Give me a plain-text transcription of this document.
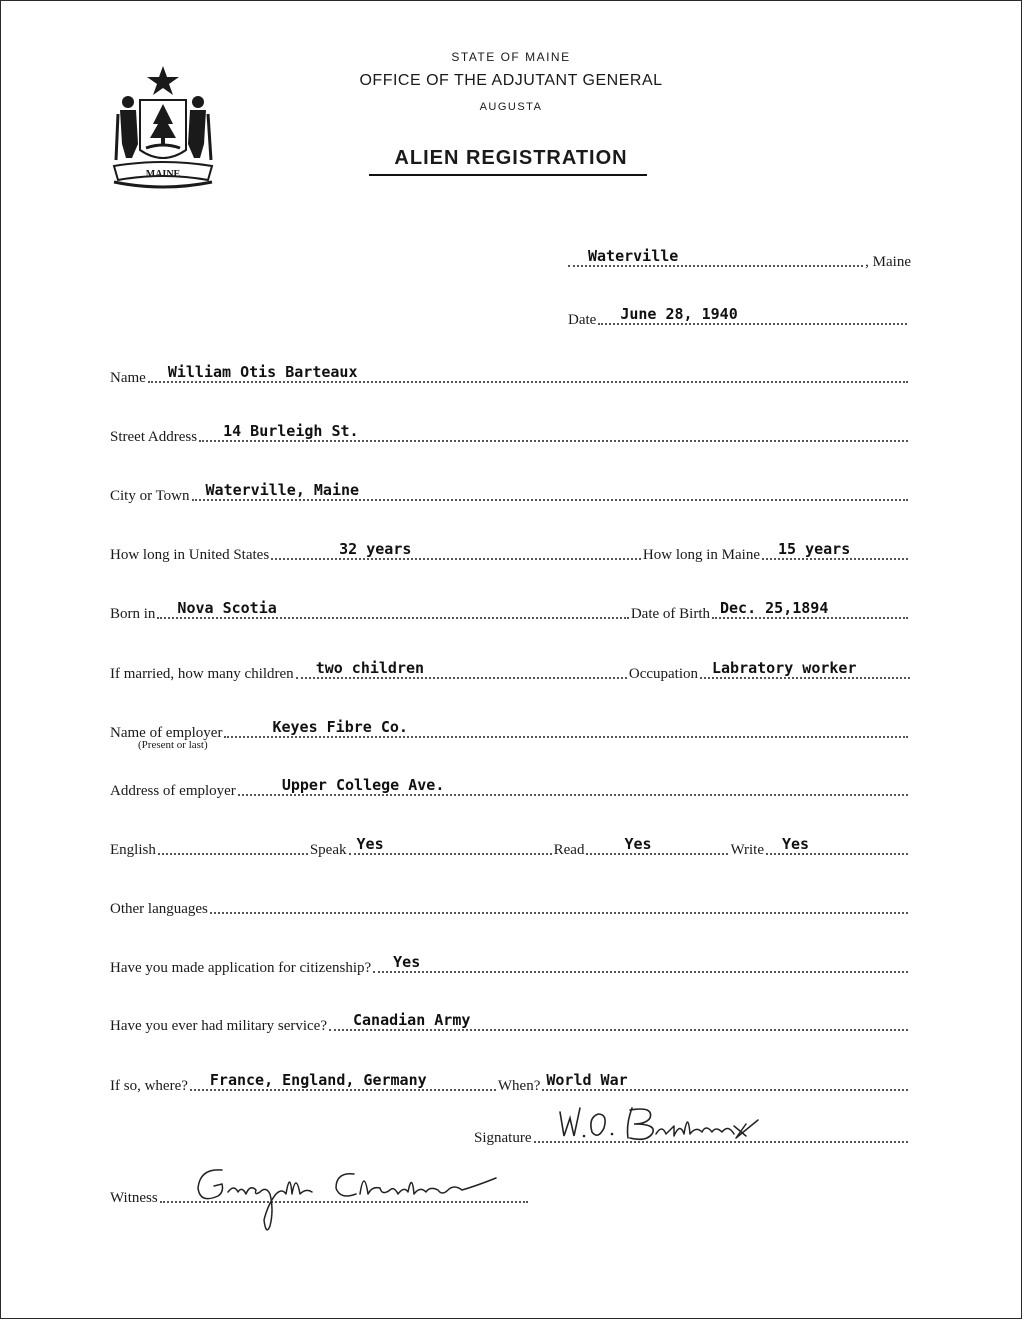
MAINE
STATE OF MAINE
OFFICE OF THE ADJUTANT GENERAL
AUGUSTA
ALIEN REGISTRATION
Waterville	, Maine
Date June 28, 1940
Name William Otis Barteaux
Street Address 14 Burleigh St.
City or Town Waterville, Maine
How long in United States	32 years	How long in Maine 15 years
Born in Nova Scotia	Date of Birth Dec. 25,1894
If married, how many children two children	Occupation Labratory worker
Name of employer	Keyes Fibre Co.
(Present or last)
Address of employer	Upper College Ave.
English	Speak Yes	Read	Yes	Write Yes
Other languages
Have you made application for citizenship? Yes
Have you ever had military service? Canadian Army
If so, where? France, England, Germany	When? World War
Signature
Witness
